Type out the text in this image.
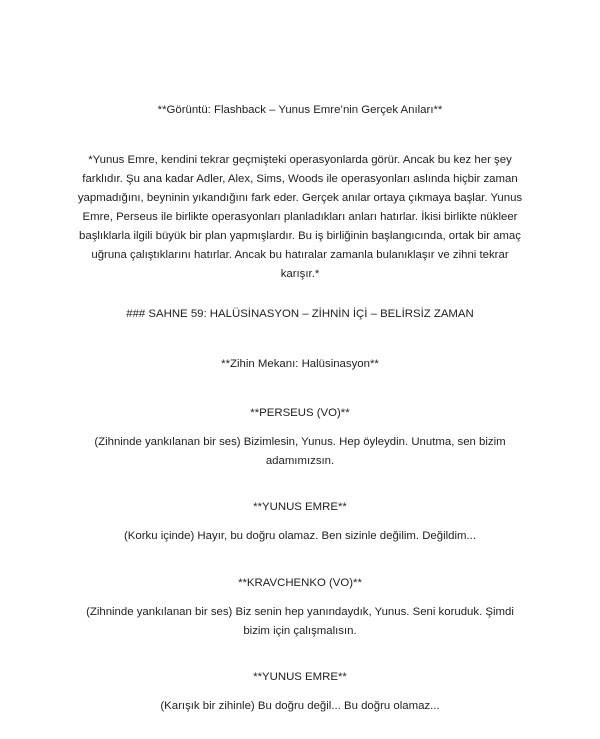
**Görüntü: Flashback – Yunus Emre’nin Gerçek Anıları**
*Yunus Emre, kendini tekrar geçmişteki operasyonlarda görür. Ancak bu kez her şey
farklıdır. Şu ana kadar Adler, Alex, Sims, Woods ile operasyonları aslında hiçbir zaman
yapmadığını, beyninin yıkandığını fark eder. Gerçek anılar ortaya çıkmaya başlar. Yunus
Emre, Perseus ile birlikte operasyonları planladıkları anları hatırlar. İkisi birlikte nükleer
başlıklarla ilgili büyük bir plan yapmışlardır. Bu iş birliğinin başlangıcında, ortak bir amaç
uğruna çalıştıklarını hatırlar. Ancak bu hatıralar zamanla bulanıklaşır ve zihni tekrar
karışır.*
### SAHNE 59: HALÜSİNASYON – ZİHNİN İÇİ – BELİRSİZ ZAMAN
**Zihin Mekanı: Halüsinasyon**
**PERSEUS (VO)**
(Zihninde yankılanan bir ses) Bizimlesin, Yunus. Hep öyleydin. Unutma, sen bizim
adamımızsın.
**YUNUS EMRE**
(Korku içinde) Hayır, bu doğru olamaz. Ben sizinle değilim. Değildim...
**KRAVCHENKO (VO)**
(Zihninde yankılanan bir ses) Biz senin hep yanındaydık, Yunus. Seni koruduk. Şimdi
bizim için çalışmalısın.
**YUNUS EMRE**
(Karışık bir zihinle) Bu doğru değil... Bu doğru olamaz...
